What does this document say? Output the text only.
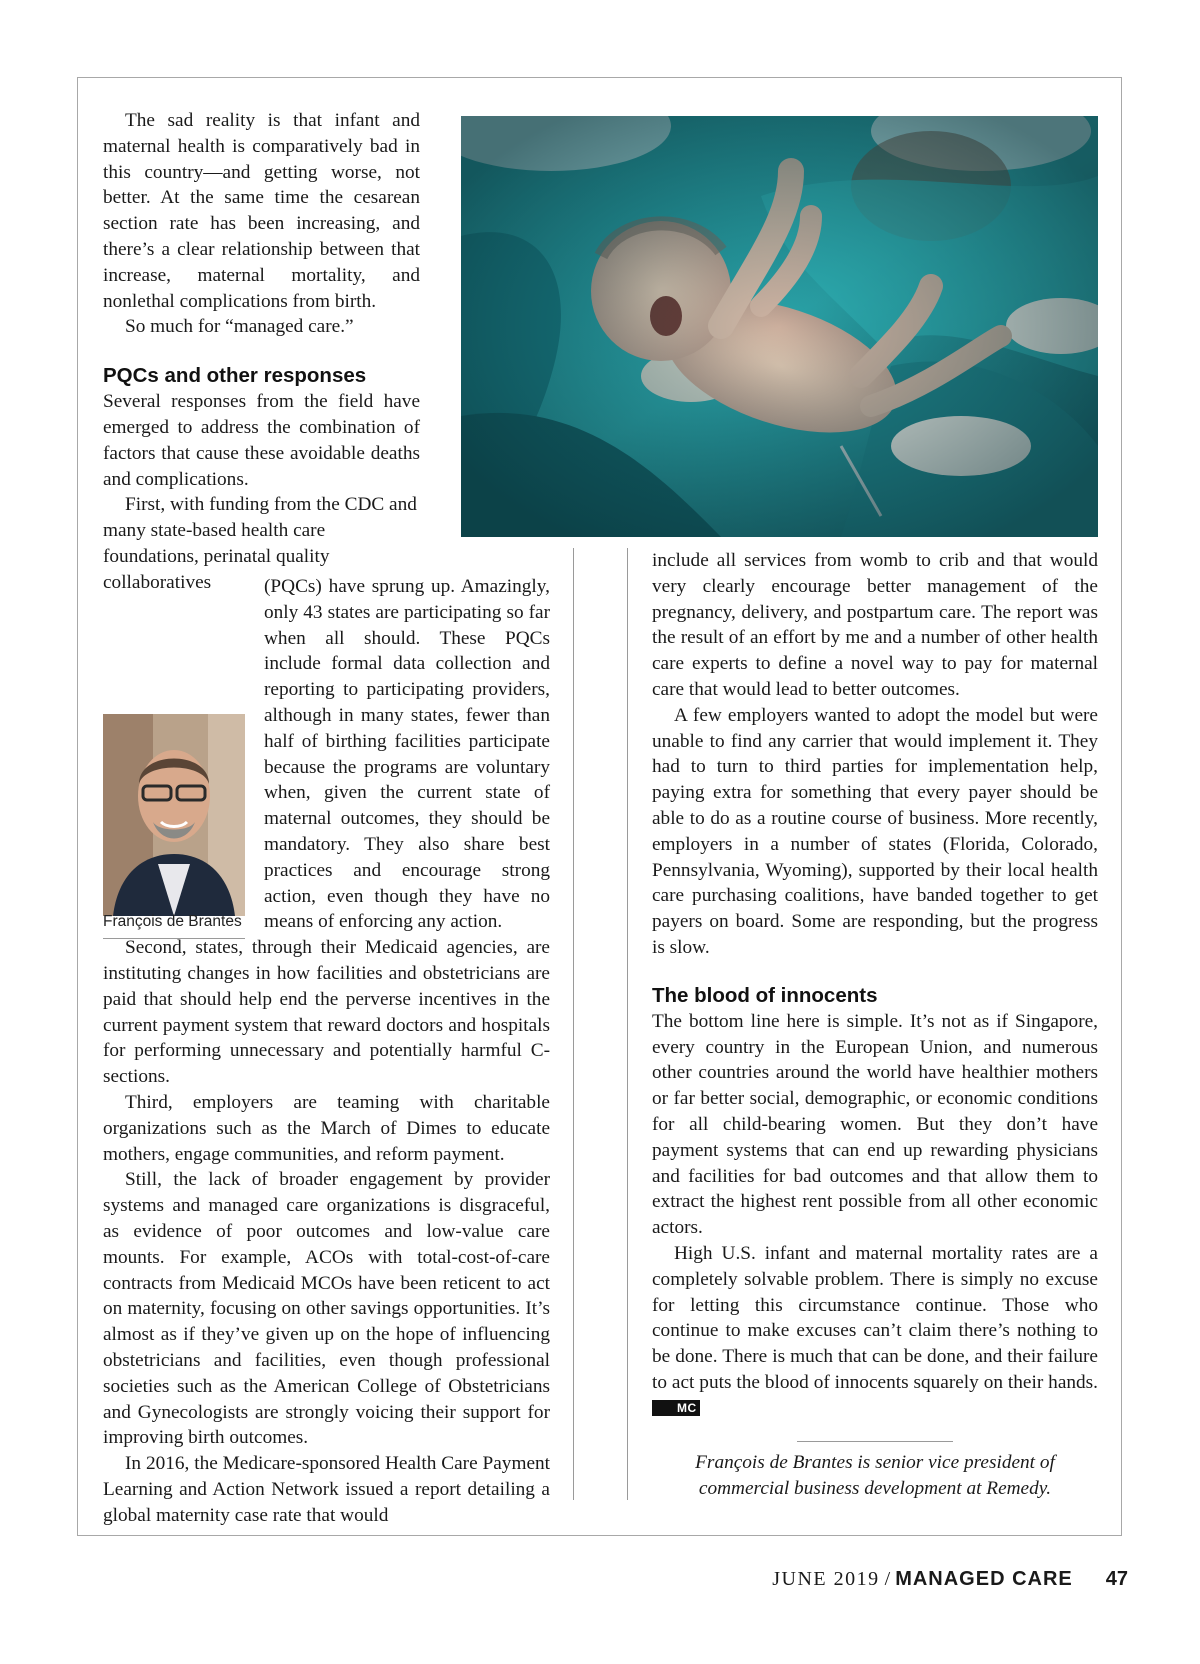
The sad reality is that infant and maternal health is comparatively bad in this country—and getting worse, not better. At the same time the cesarean section rate has been increasing, and there’s a clear relationship between that increase, maternal mortality, and nonlethal complications from birth.

So much for “managed care.”

PQCs and other responses

Several responses from the field have emerged to address the combination of factors that cause these avoidable deaths and complications.

First, with funding from the CDC and many state-based health care foundations, perinatal quality collaboratives	(PQCs) have sprung up. Amazingly, only 43 states are participating so far when all should. These PQCs include formal data collection and reporting to participating providers, although in many states, fewer than half of birthing facilities participate because the programs are voluntary when, given the current state of maternal outcomes, they should be mandatory. They also share best practices and encourage strong action, even though they have no means of enforcing any action.

Second, states, through their Medicaid agencies, are instituting changes in how facilities and obstetricians are paid that should help end the perverse incentives in the current payment system that reward doctors and hospitals for performing unnecessary and potentially harmful C-sections.

Third, employers are teaming with charitable organizations such as the March of Dimes to educate mothers, engage communities, and reform payment.

Still, the lack of broader engagement by provider systems and managed care organizations is disgraceful, as evidence of poor outcomes and low-value care mounts. For example, ACOs with total-cost-of-care contracts from Medicaid MCOs have been reticent to act on maternity, focusing on other savings opportunities. It’s almost as if they’ve given up on the hope of influencing obstetricians and facilities, even though professional societies such as the American College of Obstetricians and Gynecologists are strongly voicing their support for improving birth outcomes.

In 2016, the Medicare-sponsored Health Care Payment Learning and Action Network issued a report detailing a global maternity case rate that would

François de Brantes

include all services from womb to crib and that would very clearly encourage better management of the pregnancy, delivery, and postpartum care. The report was the result of an effort by me and a number of other health care experts to define a novel way to pay for maternal care that would lead to better outcomes.

A few employers wanted to adopt the model but were unable to find any carrier that would implement it. They had to turn to third parties for implementation help, paying extra for something that every payer should be able to do as a routine course of business. More recently, employers in a number of states (Florida, Colorado, Pennsylvania, Wyoming), supported by their local health care purchasing coalitions, have banded together to get payers on board. Some are responding, but the progress is slow.

The blood of innocents

The bottom line here is simple. It’s not as if Singapore, every country in the European Union, and numerous other countries around the world have healthier mothers or far better social, demographic, or economic conditions for all child-bearing women. But they don’t have payment systems that can end up rewarding physicians and facilities for bad outcomes and that allow them to extract the highest rent possible from all other economic actors.

High U.S. infant and maternal mortality rates are a completely solvable problem. There is simply no excuse for letting this circumstance continue. Those who continue to make excuses can’t claim there’s nothing to be done. There is much that can be done, and their failure to act puts the blood of innocents squarely on their hands. MC

François de Brantes is senior vice president of commercial business development at Remedy.
JUNE 2019 / MANAGED CARE 47
